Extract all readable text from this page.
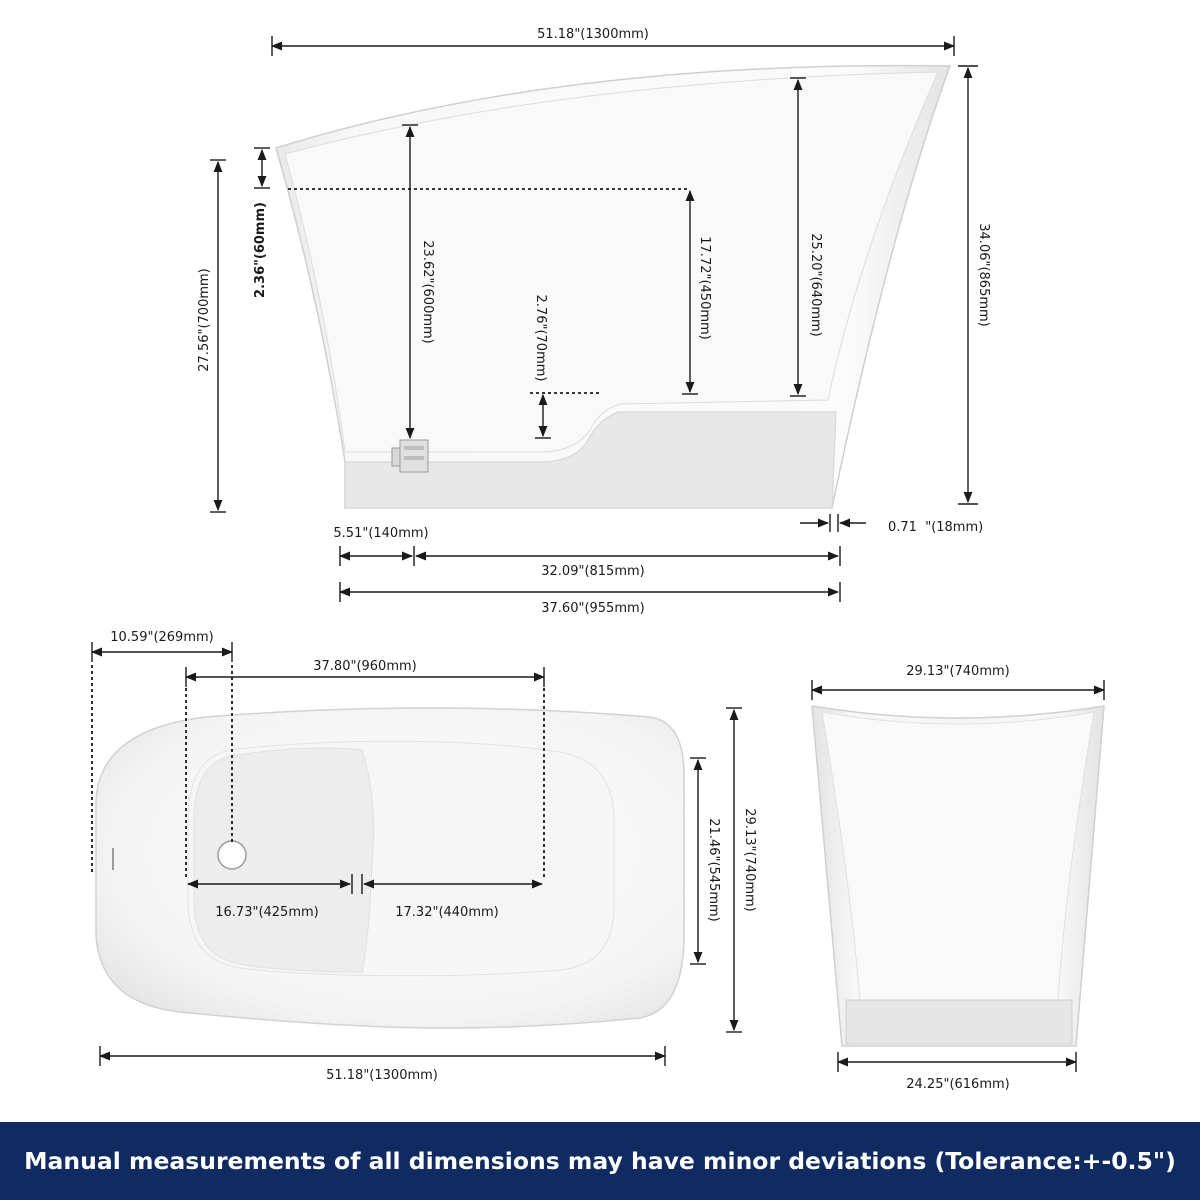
51.18"(1300mm)
34.06"(865mm)
25.20"(640mm)
17.72"(450mm)
23.62"(600mm)	2.76"(70mm)
2.36"(60mm)
27.56"(700mm)
0.71  "(18mm)
5.51"(140mm)
32.09"(815mm)
37.60"(955mm)
10.59"(269mm)
37.80"(960mm)
16.73"(425mm)	17.32"(440mm)	21.46"(545mm) 29.13"(740mm)
51.18"(1300mm)
29.13"(740mm)
24.25"(616mm)
Manual measurements of all dimensions may have minor deviations (Tolerance:+-0.5")
